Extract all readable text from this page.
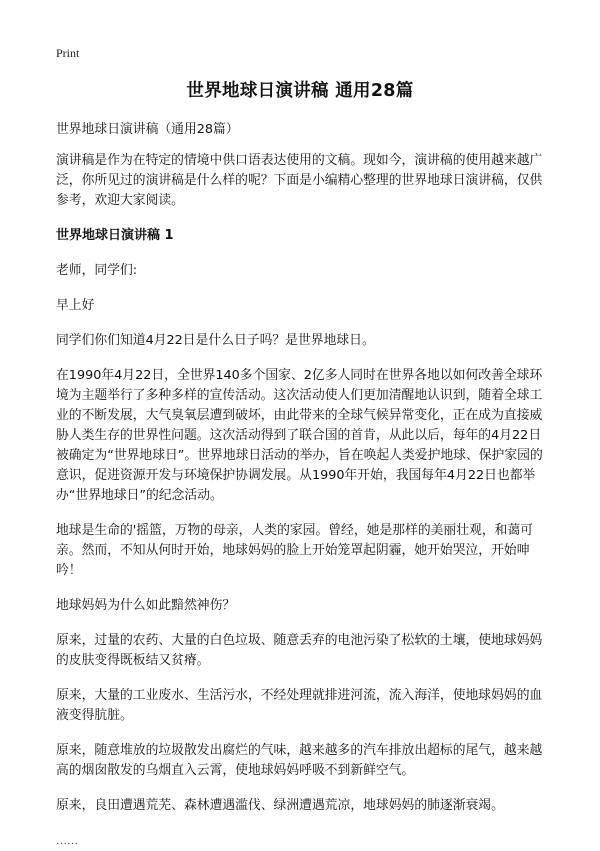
Print
世界地球日演讲稿 通用28篇

世界地球日演讲稿（通用28篇）

演讲稿是作为在特定的情境中供口语表达使用的文稿。现如今，演讲稿的使用越来越广泛，你所见过的演讲稿是什么样的呢？下面是小编精心整理的世界地球日演讲稿，仅供参考，欢迎大家阅读。

世界地球日演讲稿 1

老师，同学们:

早上好

同学们你们知道4月22日是什么日子吗？是世界地球日。

在1990年4月22日，全世界140多个国家、2亿多人同时在世界各地以如何改善全球环境为主题举行了多种多样的宣传活动。这次活动使人们更加清醒地认识到，随着全球工业的不断发展，大气臭氧层遭到破坏，由此带来的全球气候异常变化，正在成为直接威胁人类生存的世界性问题。这次活动得到了联合国的首肯，从此以后，每年的4月22日被确定为“世界地球日”。世界地球日活动的举办，旨在唤起人类爱护地球、保护家园的意识，促进资源开发与环境保护协调发展。从1990年开始，我国每年4月22日也都举办“世界地球日”的纪念活动。

地球是生命的'摇篮，万物的母亲，人类的家园。曾经，她是那样的美丽壮观，和蔼可亲。然而，不知从何时开始，地球妈妈的脸上开始笼罩起阴霾，她开始哭泣，开始呻吟！

地球妈妈为什么如此黯然神伤？

原来，过量的农药、大量的白色垃圾、随意丢弃的电池污染了松软的土壤，使地球妈妈的皮肤变得既板结又贫瘠。

原来，大量的工业废水、生活污水，不经处理就排进河流，流入海洋，使地球妈妈的血液变得肮脏。

原来，随意堆放的垃圾散发出腐烂的气味，越来越多的汽车排放出超标的尾气，越来越高的烟囱散发的乌烟直入云霄，使地球妈妈呼吸不到新鲜空气。

原来，良田遭遇荒芜、森林遭遇滥伐、绿洲遭遇荒凉，地球妈妈的肺逐渐衰竭。

……
